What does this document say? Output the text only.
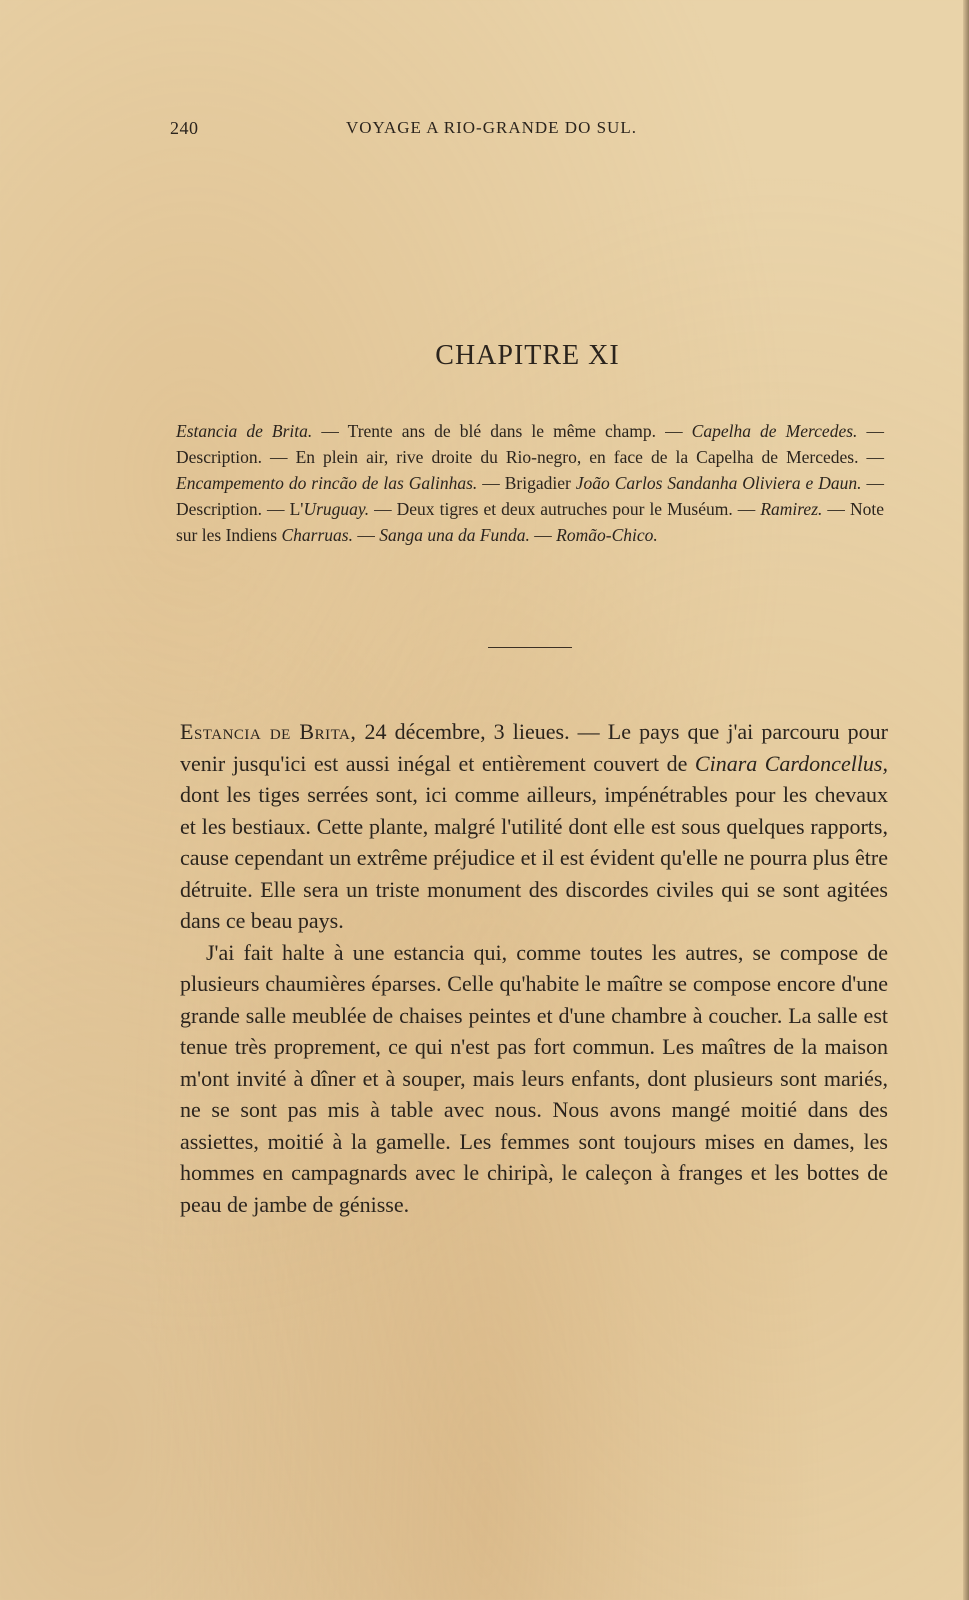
240	VOYAGE A RIO-GRANDE DO SUL.
CHAPITRE XI
Estancia de Brita. — Trente ans de blé dans le même champ. — Capelha de Mercedes. — Description. — En plein air, rive droite du Rio-negro, en face de la Capelha de Mercedes. — Encampemento do rincão de las Galinhas. — Brigadier João Carlos Sandanha Oliviera e Daun. — Description. — L'Uruguay. — Deux tigres et deux autruches pour le Muséum. — Ramirez. — Note sur les Indiens Charruas. — Sanga una da Funda. — Romão-Chico.

Estancia de Brita, 24 décembre, 3 lieues. — Le pays que j'ai parcouru pour venir jusqu'ici est aussi inégal et entièrement couvert de Cinara Cardoncellus, dont les tiges serrées sont, ici comme ailleurs, impénétrables pour les chevaux et les bestiaux. Cette plante, malgré l'utilité dont elle est sous quelques rapports, cause cependant un extrême préjudice et il est évident qu'elle ne pourra plus être détruite. Elle sera un triste monument des discordes civiles qui se sont agitées dans ce beau pays.

J'ai fait halte à une estancia qui, comme toutes les autres, se compose de plusieurs chaumières éparses. Celle qu'habite le maître se compose encore d'une grande salle meublée de chaises peintes et d'une chambre à coucher. La salle est tenue très proprement, ce qui n'est pas fort commun. Les maîtres de la maison m'ont invité à dîner et à souper, mais leurs enfants, dont plusieurs sont mariés, ne se sont pas mis à table avec nous. Nous avons mangé moitié dans des assiettes, moitié à la gamelle. Les femmes sont toujours mises en dames, les hommes en campagnards avec le chiripà, le caleçon à franges et les bottes de peau de jambe de génisse.
